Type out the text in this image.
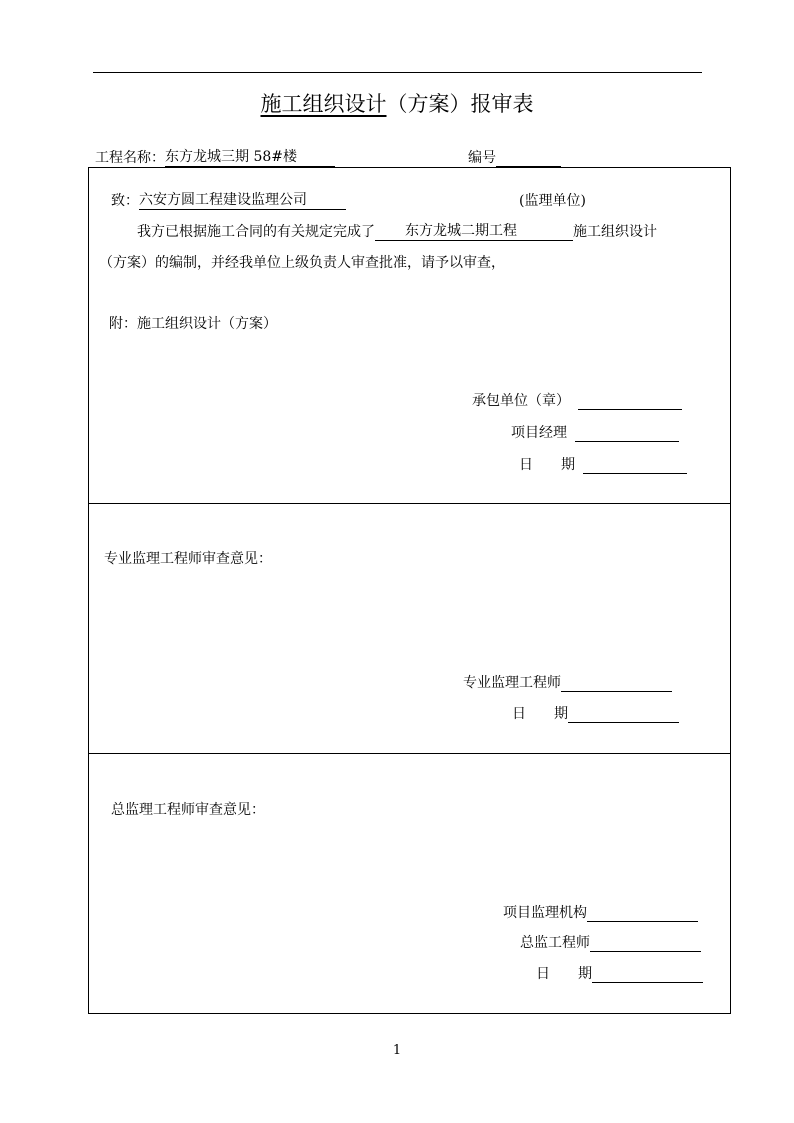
施工组织设计（方案）报审表
工程名称： 东方龙城三期 58#楼	编号
致： 六安方圆工程建设监理公司	(监理单位)
我方已根据施工合同的有关规定完成了 东方龙城二期工程	施工组织设计
（方案）的编制，并经我单位上级负责人审查批准，请予以审查，
附：施工组织设计（方案）
承包单位（章）
项目经理
日　　期
专业监理工程师审查意见：
专业监理工程师
日　　期
总监理工程师审查意见：
项目监理机构
总监工程师
日　　期
1
